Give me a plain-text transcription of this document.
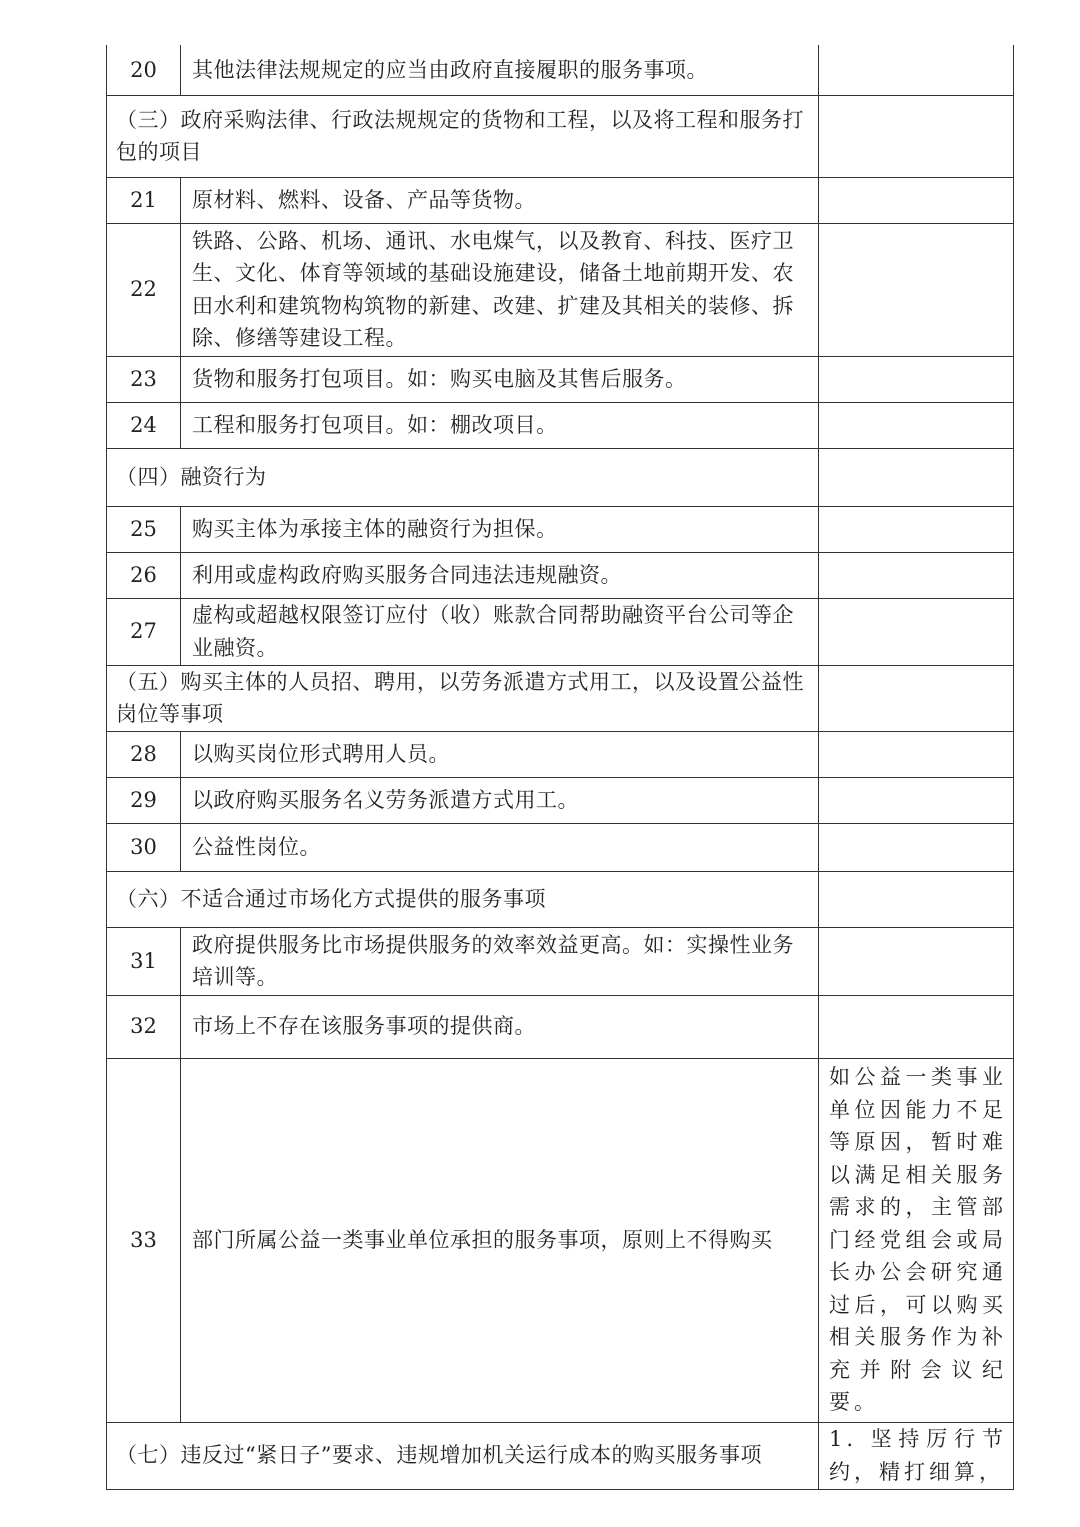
20	其他法律法规规定的应当由政府直接履职的服务事项。	
（三）政府采购法律、行政法规规定的货物和工程，以及将工程和服务打包的项目		
21	原材料、燃料、设备、产品等货物。	
22	铁路、公路、机场、通讯、水电煤气，以及教育、科技、医疗卫生、文化、体育等领域的基础设施建设，储备土地前期开发、农田水利和建筑物构筑物的新建、改建、扩建及其相关的装修、拆除、修缮等建设工程。	
23	货物和服务打包项目。如：购买电脑及其售后服务。	
24	工程和服务打包项目。如：棚改项目。	
（四）融资行为		
25	购买主体为承接主体的融资行为担保。	
26	利用或虚构政府购买服务合同违法违规融资。	
27	虚构或超越权限签订应付（收）账款合同帮助融资平台公司等企业融资。	
（五）购买主体的人员招、聘用，以劳务派遣方式用工，以及设置公益性岗位等事项		
28	以购买岗位形式聘用人员。	
29	以政府购买服务名义劳务派遣方式用工。	
30	公益性岗位。	
（六）不适合通过市场化方式提供的服务事项		
31	政府提供服务比市场提供服务的效率效益更高。如：实操性业务培训等。	
32	市场上不存在该服务事项的提供商。	
33	部门所属公益一类事业单位承担的服务事项，原则上不得购买	如公益一类事业单位因能力不足等原因，暂时难以满足相关服务需求的，主管部门经党组会或局长办公会研究通过后，可以购买相关服务作为补充并附会议纪要。
（七）违反过“紧日子”要求、违规增加机关运行成本的购买服务事项		1. 坚持厉行节约，精打细算，
